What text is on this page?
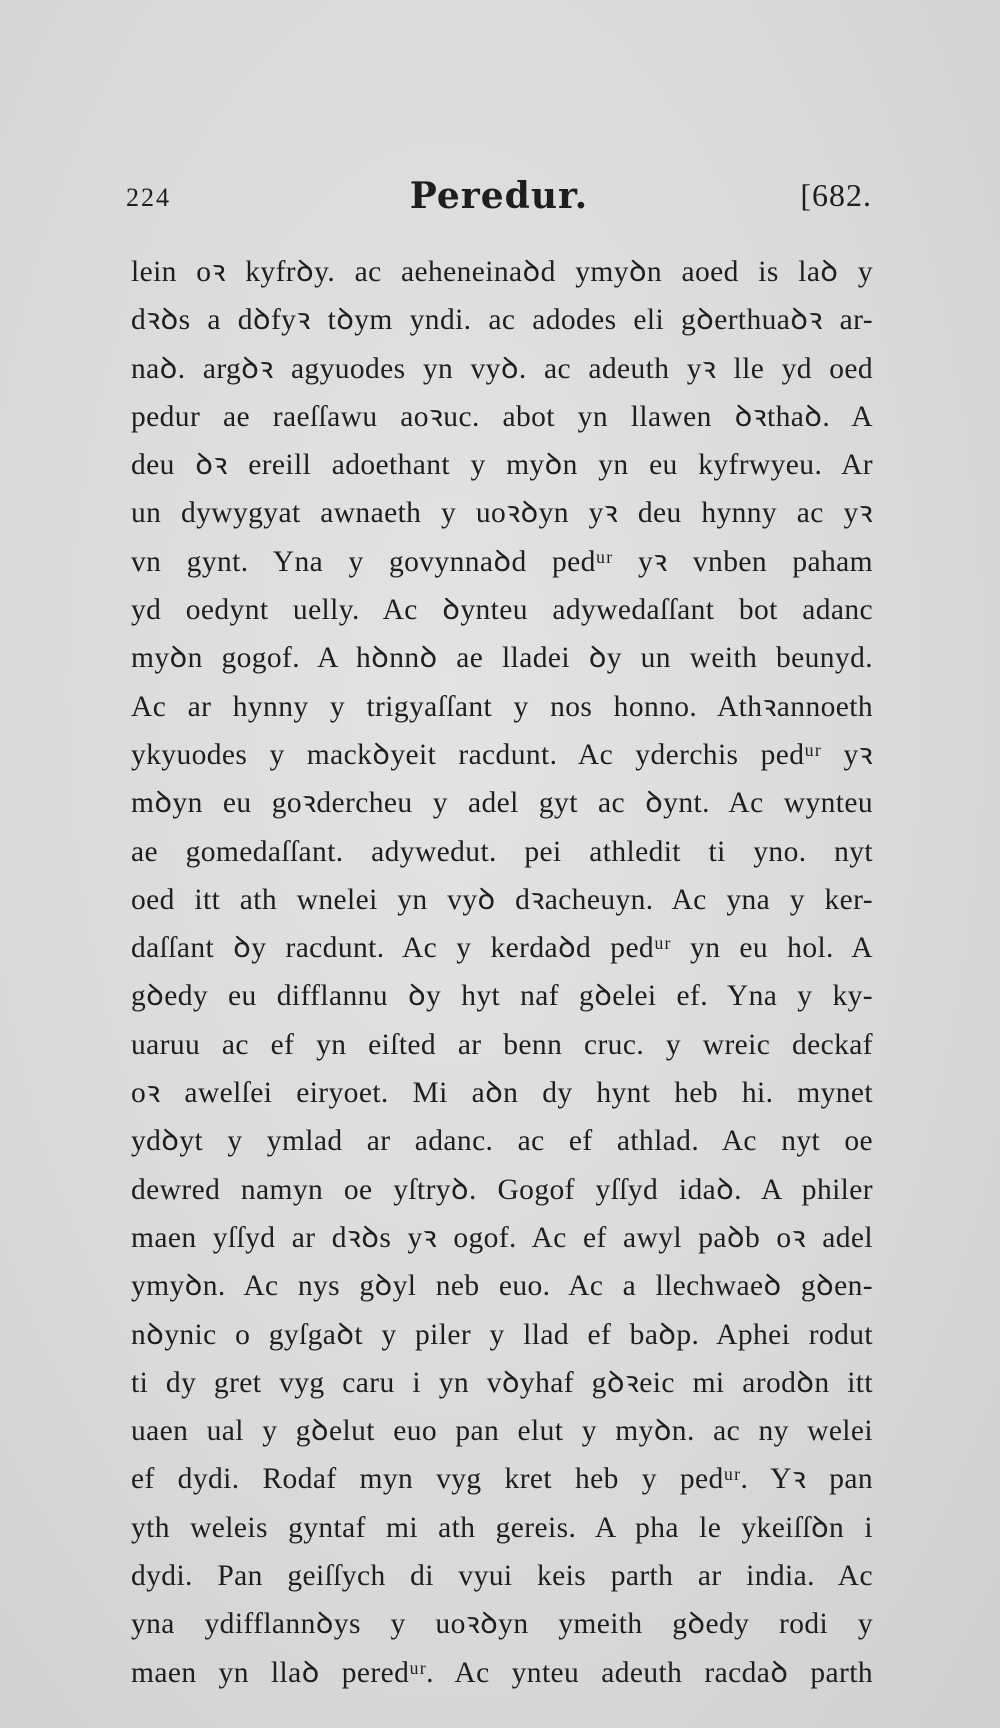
224	Peredur.	[682.
lein oꝛ kyfrꝺy. ac aeheneinaꝺd ymyꝺn aoed is laꝺ y
dꝛꝺs a dꝺfyꝛ tꝺym yndi. ac adodes eli gꝺerthuaꝺꝛ ar-
naꝺ. argꝺꝛ agyuodes yn vyꝺ. ac adeuth yꝛ lle yd oed
pedur ae raeſſawu aoꝛuc. abot yn llawen ꝺꝛthaꝺ. A
deu ꝺꝛ ereill adoethant y myꝺn yn eu kyfrwyeu. Ar
un dywygyat awnaeth y uoꝛꝺyn yꝛ deu hynny ac yꝛ
vn gynt. Yna y govynnaꝺd pedᵘʳ yꝛ vnben paham
yd oedynt uelly. Ac ꝺynteu adywedaſſant bot adanc
myꝺn gogof. A hꝺnnꝺ ae lladei ꝺy un weith beunyd.
Ac ar hynny y trigyaſſant y nos honno. Athꝛannoeth
ykyuodes y mackꝺyeit racdunt. Ac yderchis pedᵘʳ yꝛ
mꝺyn eu goꝛdercheu y adel gyt ac ꝺynt. Ac wynteu
ae gomedaſſant. adywedut. pei athledit ti yno. nyt
oed itt ath wnelei yn vyꝺ dꝛacheuyn. Ac yna y ker-
daſſant ꝺy racdunt. Ac y kerdaꝺd pedᵘʳ yn eu hol. A
gꝺedy eu difflannu ꝺy hyt naf gꝺelei ef. Yna y ky-
uaruu ac ef yn eiſted ar benn cruc. y wreic deckaf
oꝛ awelſei eiryoet. Mi aꝺn dy hynt heb hi. mynet
ydꝺyt y ymlad ar adanc. ac ef athlad. Ac nyt oe
dewred namyn oe yſtryꝺ. Gogof yſſyd idaꝺ. A philer
maen yſſyd ar dꝛꝺs yꝛ ogof. Ac ef awyl paꝺb oꝛ adel
ymyꝺn. Ac nys gꝺyl neb euo. Ac a llechwaeꝺ gꝺen-
nꝺynic o gyſgaꝺt y piler y llad ef baꝺp. Aphei rodut
ti dy gret vyg caru i yn vꝺyhaf gꝺꝛeic mi arodꝺn itt
uaen ual y gꝺelut euo pan elut y myꝺn. ac ny welei
ef dydi. Rodaf myn vyg kret heb y pedᵘʳ. Yꝛ pan
yth weleis gyntaf mi ath gereis. A pha le ykeiſſꝺn i
dydi. Pan geiſſych di vyui keis parth ar india. Ac
yna ydifflannꝺys y uoꝛꝺyn ymeith gꝺedy rodi y
maen yn llaꝺ peredᵘʳ. Ac ynteu adeuth racdaꝺ parth
